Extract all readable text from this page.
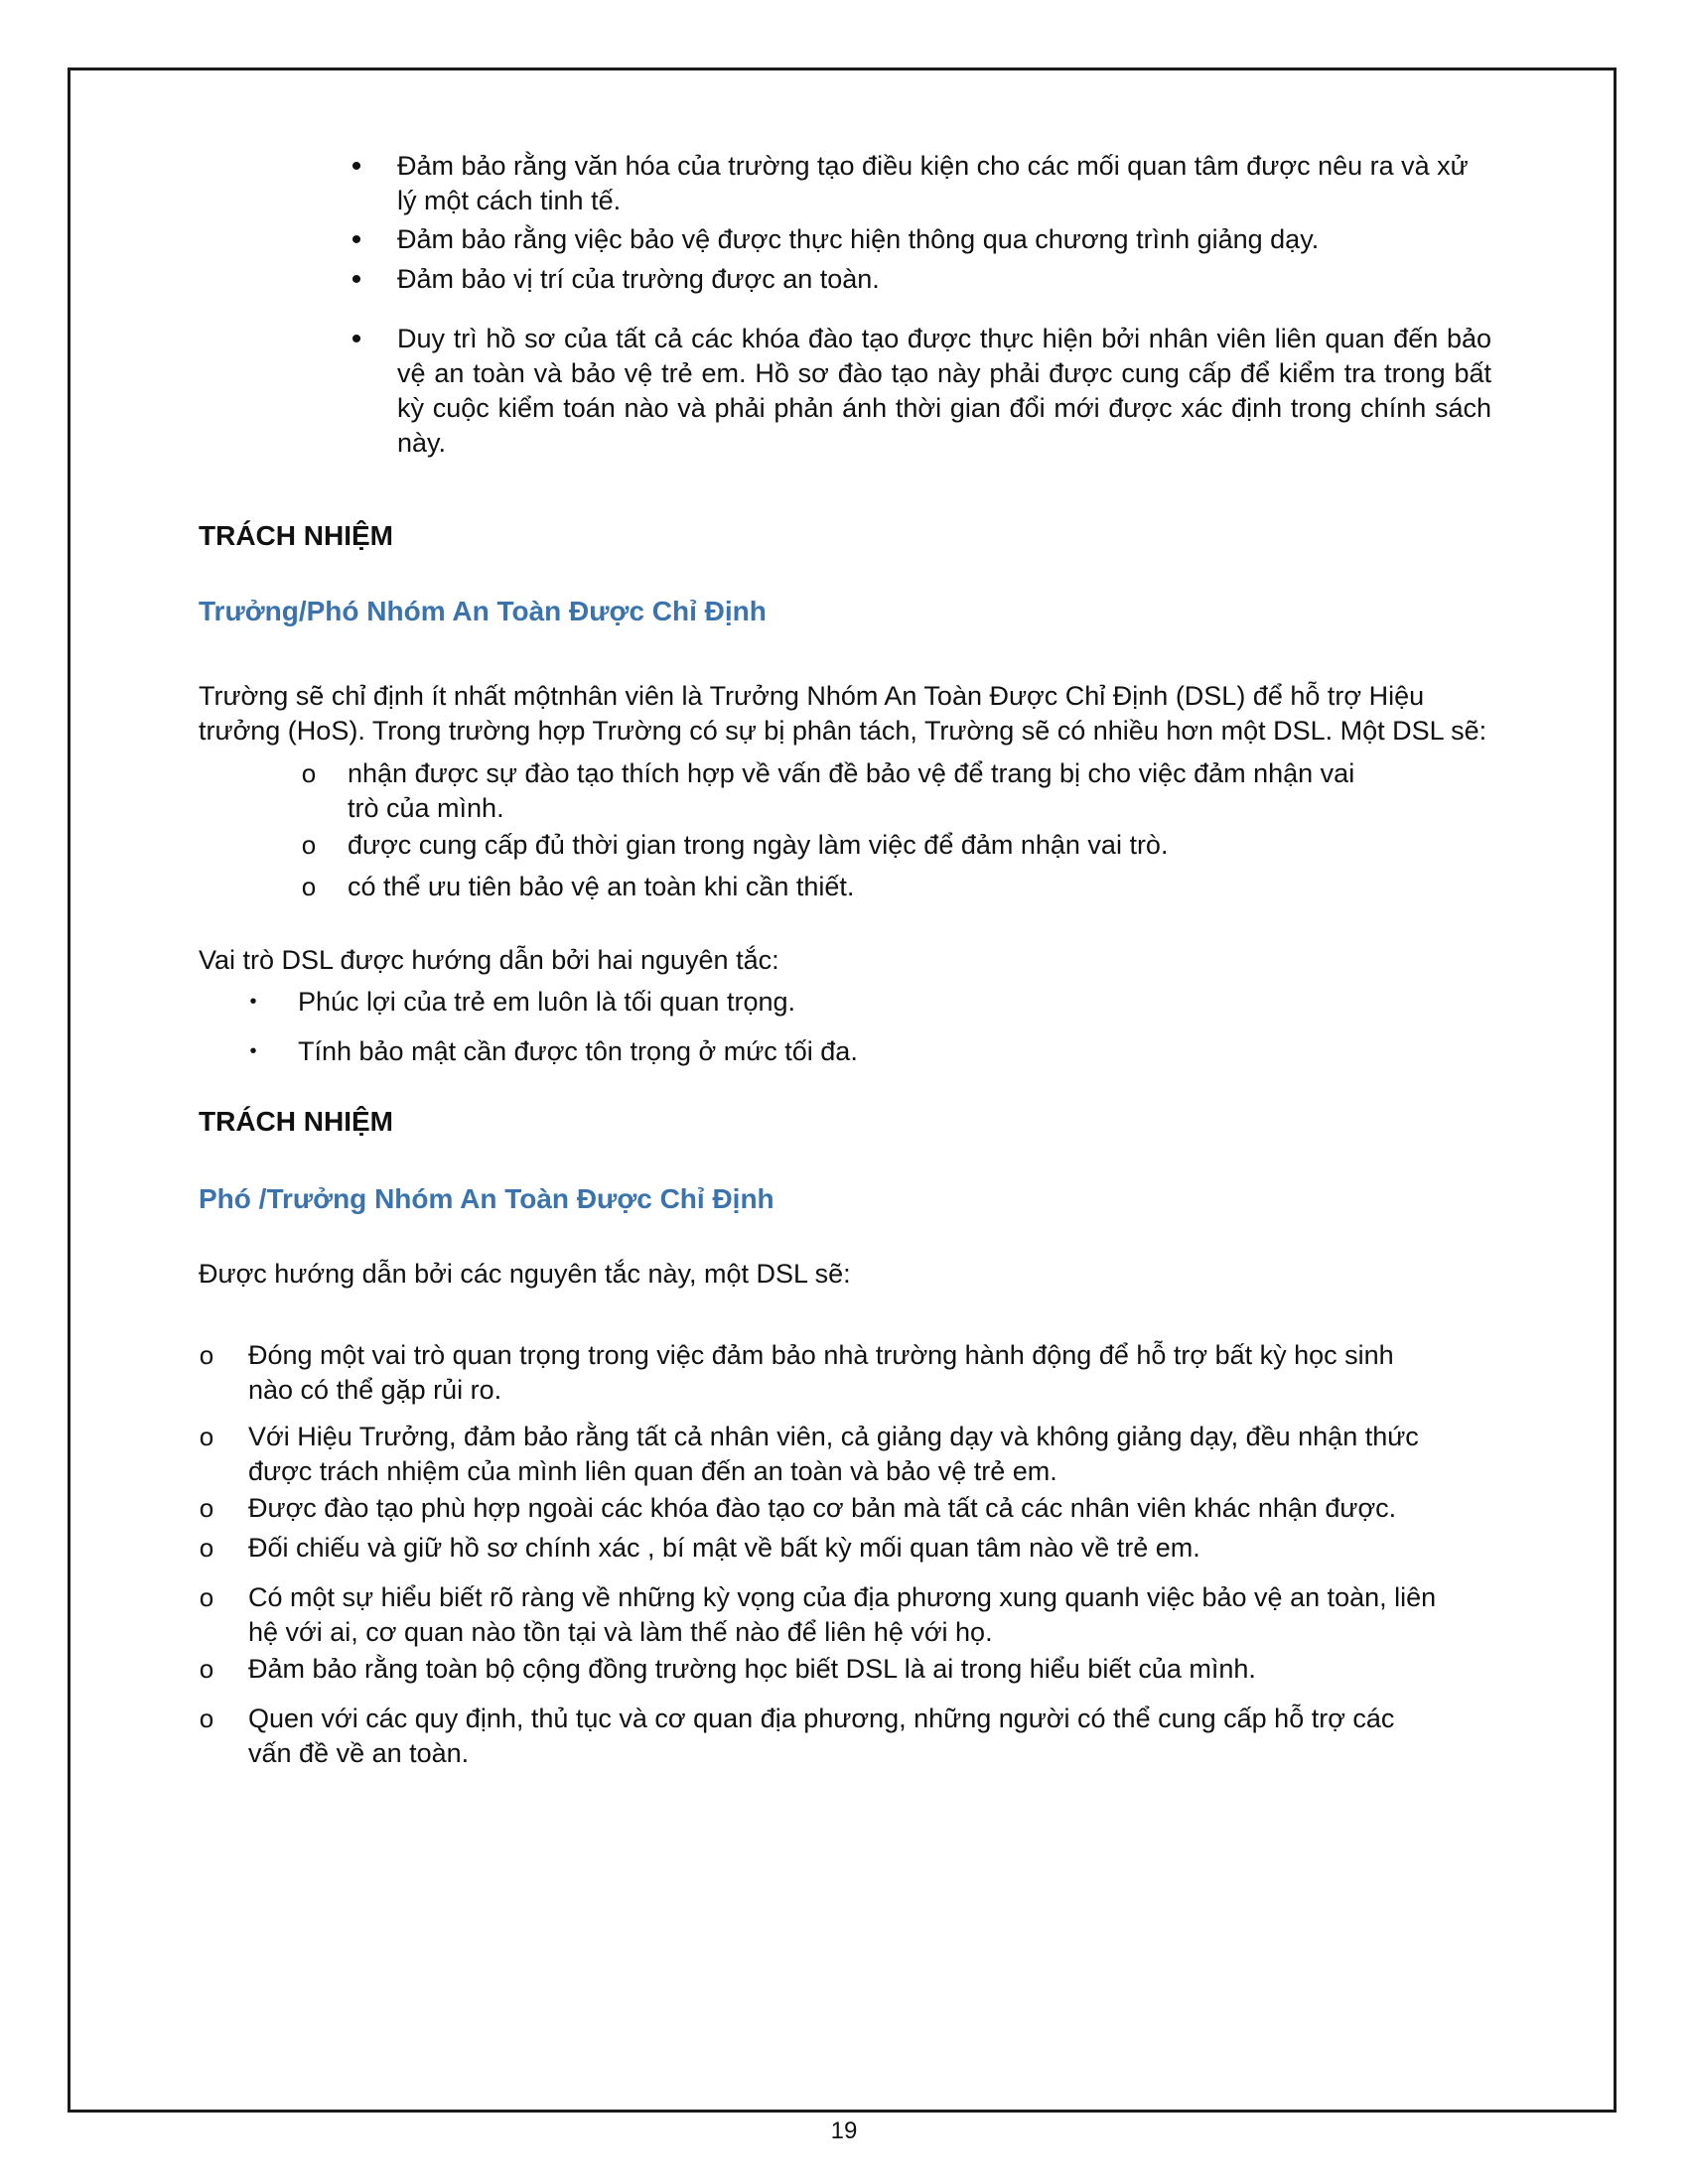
•	Đảm bảo rằng văn hóa của trường tạo điều kiện cho các mối quan tâm được nêu ra và xử lý một cách tinh tế.

•	Đảm bảo rằng việc bảo vệ được thực hiện thông qua chương trình giảng dạy.

•	Đảm bảo vị trí của trường được an toàn.

•	Duy trì hồ sơ của tất cả các khóa đào tạo được thực hiện bởi nhân viên liên quan đến bảo vệ an toàn và bảo vệ trẻ em. Hồ sơ đào tạo này phải được cung cấp để kiểm tra trong bất kỳ cuộc kiểm toán nào và phải phản ánh thời gian đổi mới được xác định trong chính sách này.

TRÁCH NHIỆM
Trưởng/Phó Nhóm An Toàn Được Chỉ Định

Trường sẽ chỉ định ít nhất mộtnhân viên là Trưởng Nhóm An Toàn Được Chỉ Định (DSL) để hỗ trợ Hiệu trưởng (HoS). Trong trường hợp Trường có sự bị phân tách, Trường sẽ có nhiều hơn một DSL. Một DSL sẽ:

o nhận được sự đào tạo thích hợp về vấn đề bảo vệ để trang bị cho việc đảm nhận vai trò của mình.

o được cung cấp đủ thời gian trong ngày làm việc để đảm nhận vai trò.

o có thể ưu tiên bảo vệ an toàn khi cần thiết.

Vai trò DSL được hướng dẫn bởi hai nguyên tắc:

•	Phúc lợi của trẻ em luôn là tối quan trọng.

•	Tính bảo mật cần được tôn trọng ở mức tối đa.

TRÁCH NHIỆM
Phó /Trưởng Nhóm An Toàn Được Chỉ Định

Được hướng dẫn bởi các nguyên tắc này, một DSL sẽ:

o Đóng một vai trò quan trọng trong việc đảm bảo nhà trường hành động để hỗ trợ bất kỳ học sinh nào có thể gặp rủi ro.

o Với Hiệu Trưởng, đảm bảo rằng tất cả nhân viên, cả giảng dạy và không giảng dạy, đều nhận thức được trách nhiệm của mình liên quan đến an toàn và bảo vệ trẻ em.

o Được đào tạo phù hợp ngoài các khóa đào tạo cơ bản mà tất cả các nhân viên khác nhận được.

o Đối chiếu và giữ hồ sơ chính xác , bí mật về bất kỳ mối quan tâm nào về trẻ em.

o Có một sự hiểu biết rõ ràng về những kỳ vọng của địa phương xung quanh việc bảo vệ an toàn, liên hệ với ai, cơ quan nào tồn tại và làm thế nào để liên hệ với họ.

o Đảm bảo rằng toàn bộ cộng đồng trường học biết DSL là ai trong hiểu biết của mình.

o Quen với các quy định, thủ tục và cơ quan địa phương, những người có thể cung cấp hỗ trợ các vấn đề về an toàn.

19
